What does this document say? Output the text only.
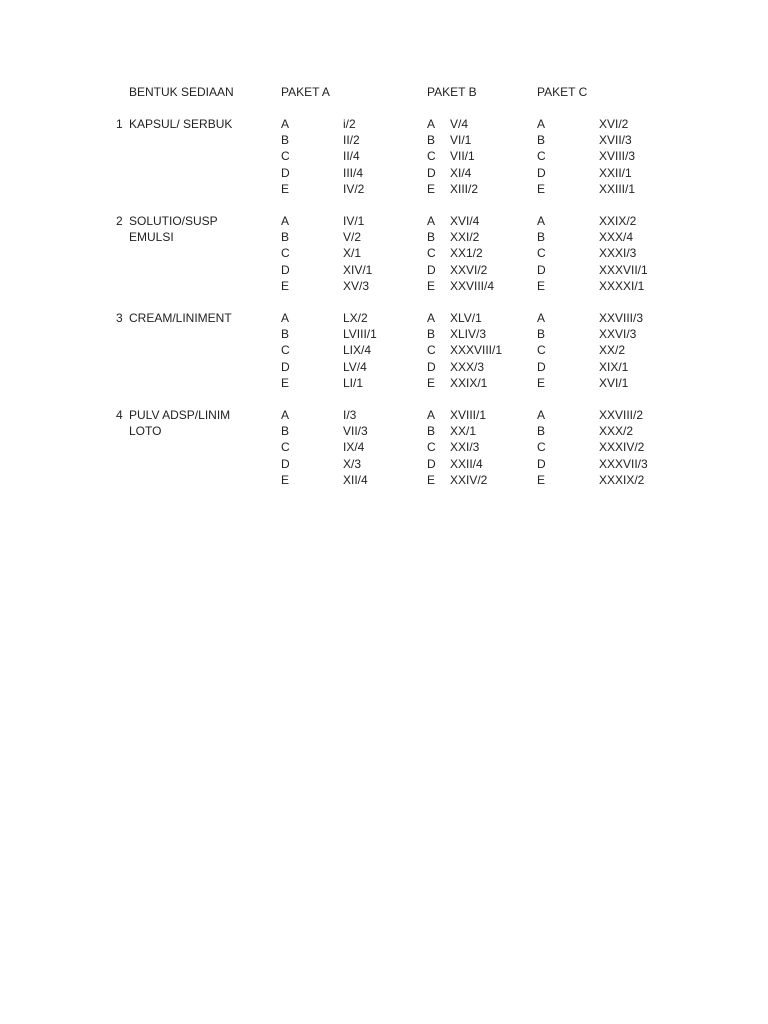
BENTUK SEDIAAN	PAKET A	PAKET B	PAKET C
1 KAPSUL/ SERBUK	A	i/2	A V/4	A	XVI/2
B	II/2	B VI/1	B	XVII/3
C	II/4	C VII/1	C	XVIII/3
D	III/4	D XI/4	D	XXII/1
E	IV/2	E XIII/2	E	XXIII/1
2 SOLUTIO/SUSP
EMULSI
A	IV/1	A XVI/4	A	XXIX/2
B	V/2	B XXI/2	B	XXX/4
C	X/1	C XX1/2	C	XXXI/3
D	XIV/1	D XXVI/2	D	XXXVII/1
E	XV/3	E XXVIII/4	E	XXXXI/1
3 CREAM/LINIMENT	A	LX/2	A XLV/1	A	XXVIII/3
B	LVIII/1	B XLIV/3	B	XXVI/3
C	LIX/4	C XXXVIII/1	C	XX/2
D	LV/4	D XXX/3	D	XIX/1
E	LI/1	E XXIX/1	E	XVI/1
4 PULV ADSP/LINIM
LOTO
A	I/3	A XVIII/1	A	XXVIII/2
B	VII/3	B XX/1	B	XXX/2
C	IX/4	C XXI/3	C	XXXIV/2
D	X/3	D XXII/4	D	XXXVII/3
E	XII/4	E XXIV/2	E	XXXIX/2
